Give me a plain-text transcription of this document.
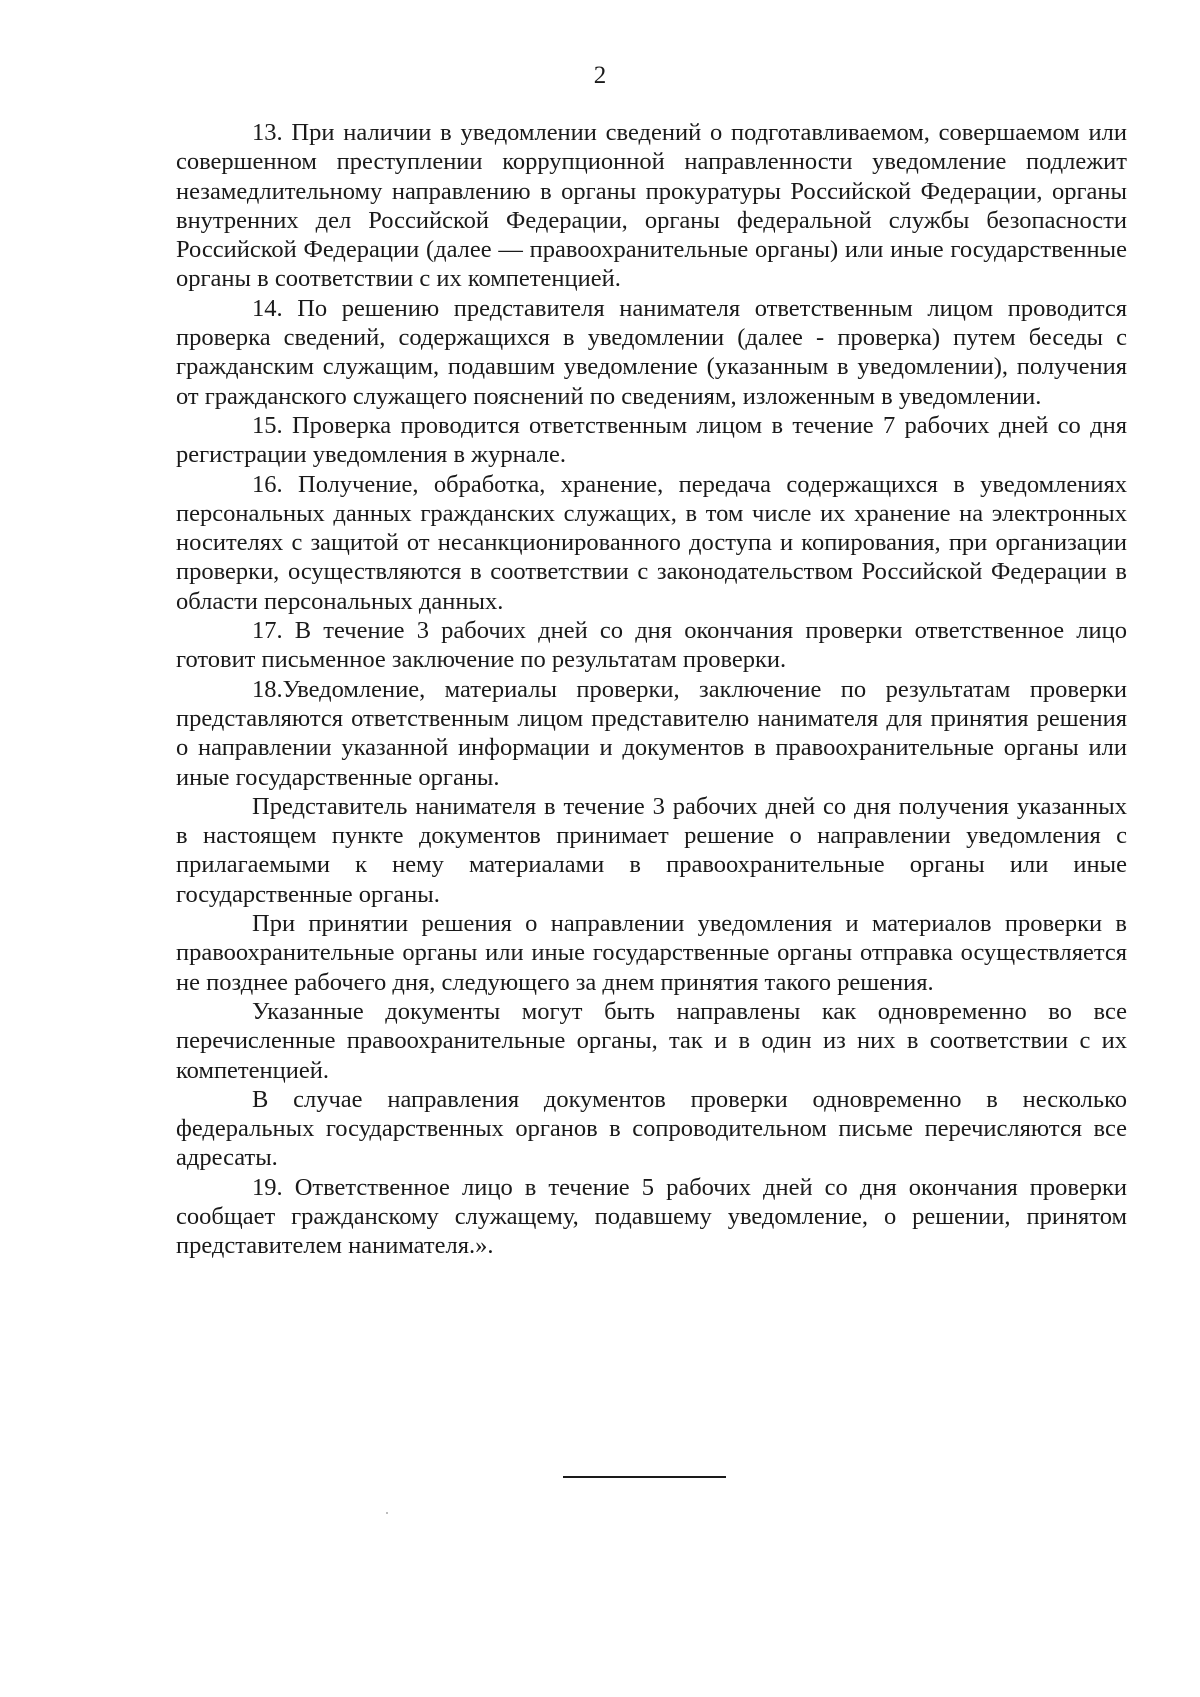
2

13. При наличии в уведомлении сведений о подготавливаемом, совершаемом или совершенном преступлении коррупционной направленности уведомление подлежит незамедлительному направлению в органы прокуратуры Российской Федерации, органы внутренних дел Российской Федерации, органы федеральной службы безопасности Российской Федерации (далее — правоохранительные органы) или иные государственные органы в соответствии с их компетенцией.

14. По решению представителя нанимателя ответственным лицом проводится проверка сведений, содержащихся в уведомлении (далее - проверка) путем беседы с гражданским служащим, подавшим уведомление (указанным в уведомлении), получения от гражданского служащего пояснений по сведениям, изложенным в уведомлении.

15. Проверка проводится ответственным лицом в течение 7 рабочих дней со дня регистрации уведомления в журнале.

16. Получение, обработка, хранение, передача содержащихся в уведомлениях персональных данных гражданских служащих, в том числе их хранение на электронных носителях с защитой от несанкционированного доступа и копирования, при организации проверки, осуществляются в соответствии с законодательством Российской Федерации в области персональных данных.

17. В течение 3 рабочих дней со дня окончания проверки ответственное лицо готовит письменное заключение по результатам проверки.

18.Уведомление, материалы проверки, заключение по результатам проверки представляются ответственным лицом представителю нанимателя для принятия решения о направлении указанной информации и документов в правоохранительные органы или иные государственные органы.

Представитель нанимателя в течение 3 рабочих дней со дня получения указанных в настоящем пункте документов принимает решение о направлении уведомления с прилагаемыми к нему материалами в правоохранительные органы или иные государственные органы.

При принятии решения о направлении уведомления и материалов проверки в правоохранительные органы или иные государственные органы отправка осуществляется не позднее рабочего дня, следующего за днем принятия такого решения.

Указанные документы могут быть направлены как одновременно во все перечисленные правоохранительные органы, так и в один из них в соответствии с их компетенцией.

В случае направления документов проверки одновременно в несколько федеральных государственных органов в сопроводительном письме перечисляются все адресаты.

19. Ответственное лицо в течение 5 рабочих дней со дня окончания проверки сообщает гражданскому служащему, подавшему уведомление, о решении, принятом представителем нанимателя.».
